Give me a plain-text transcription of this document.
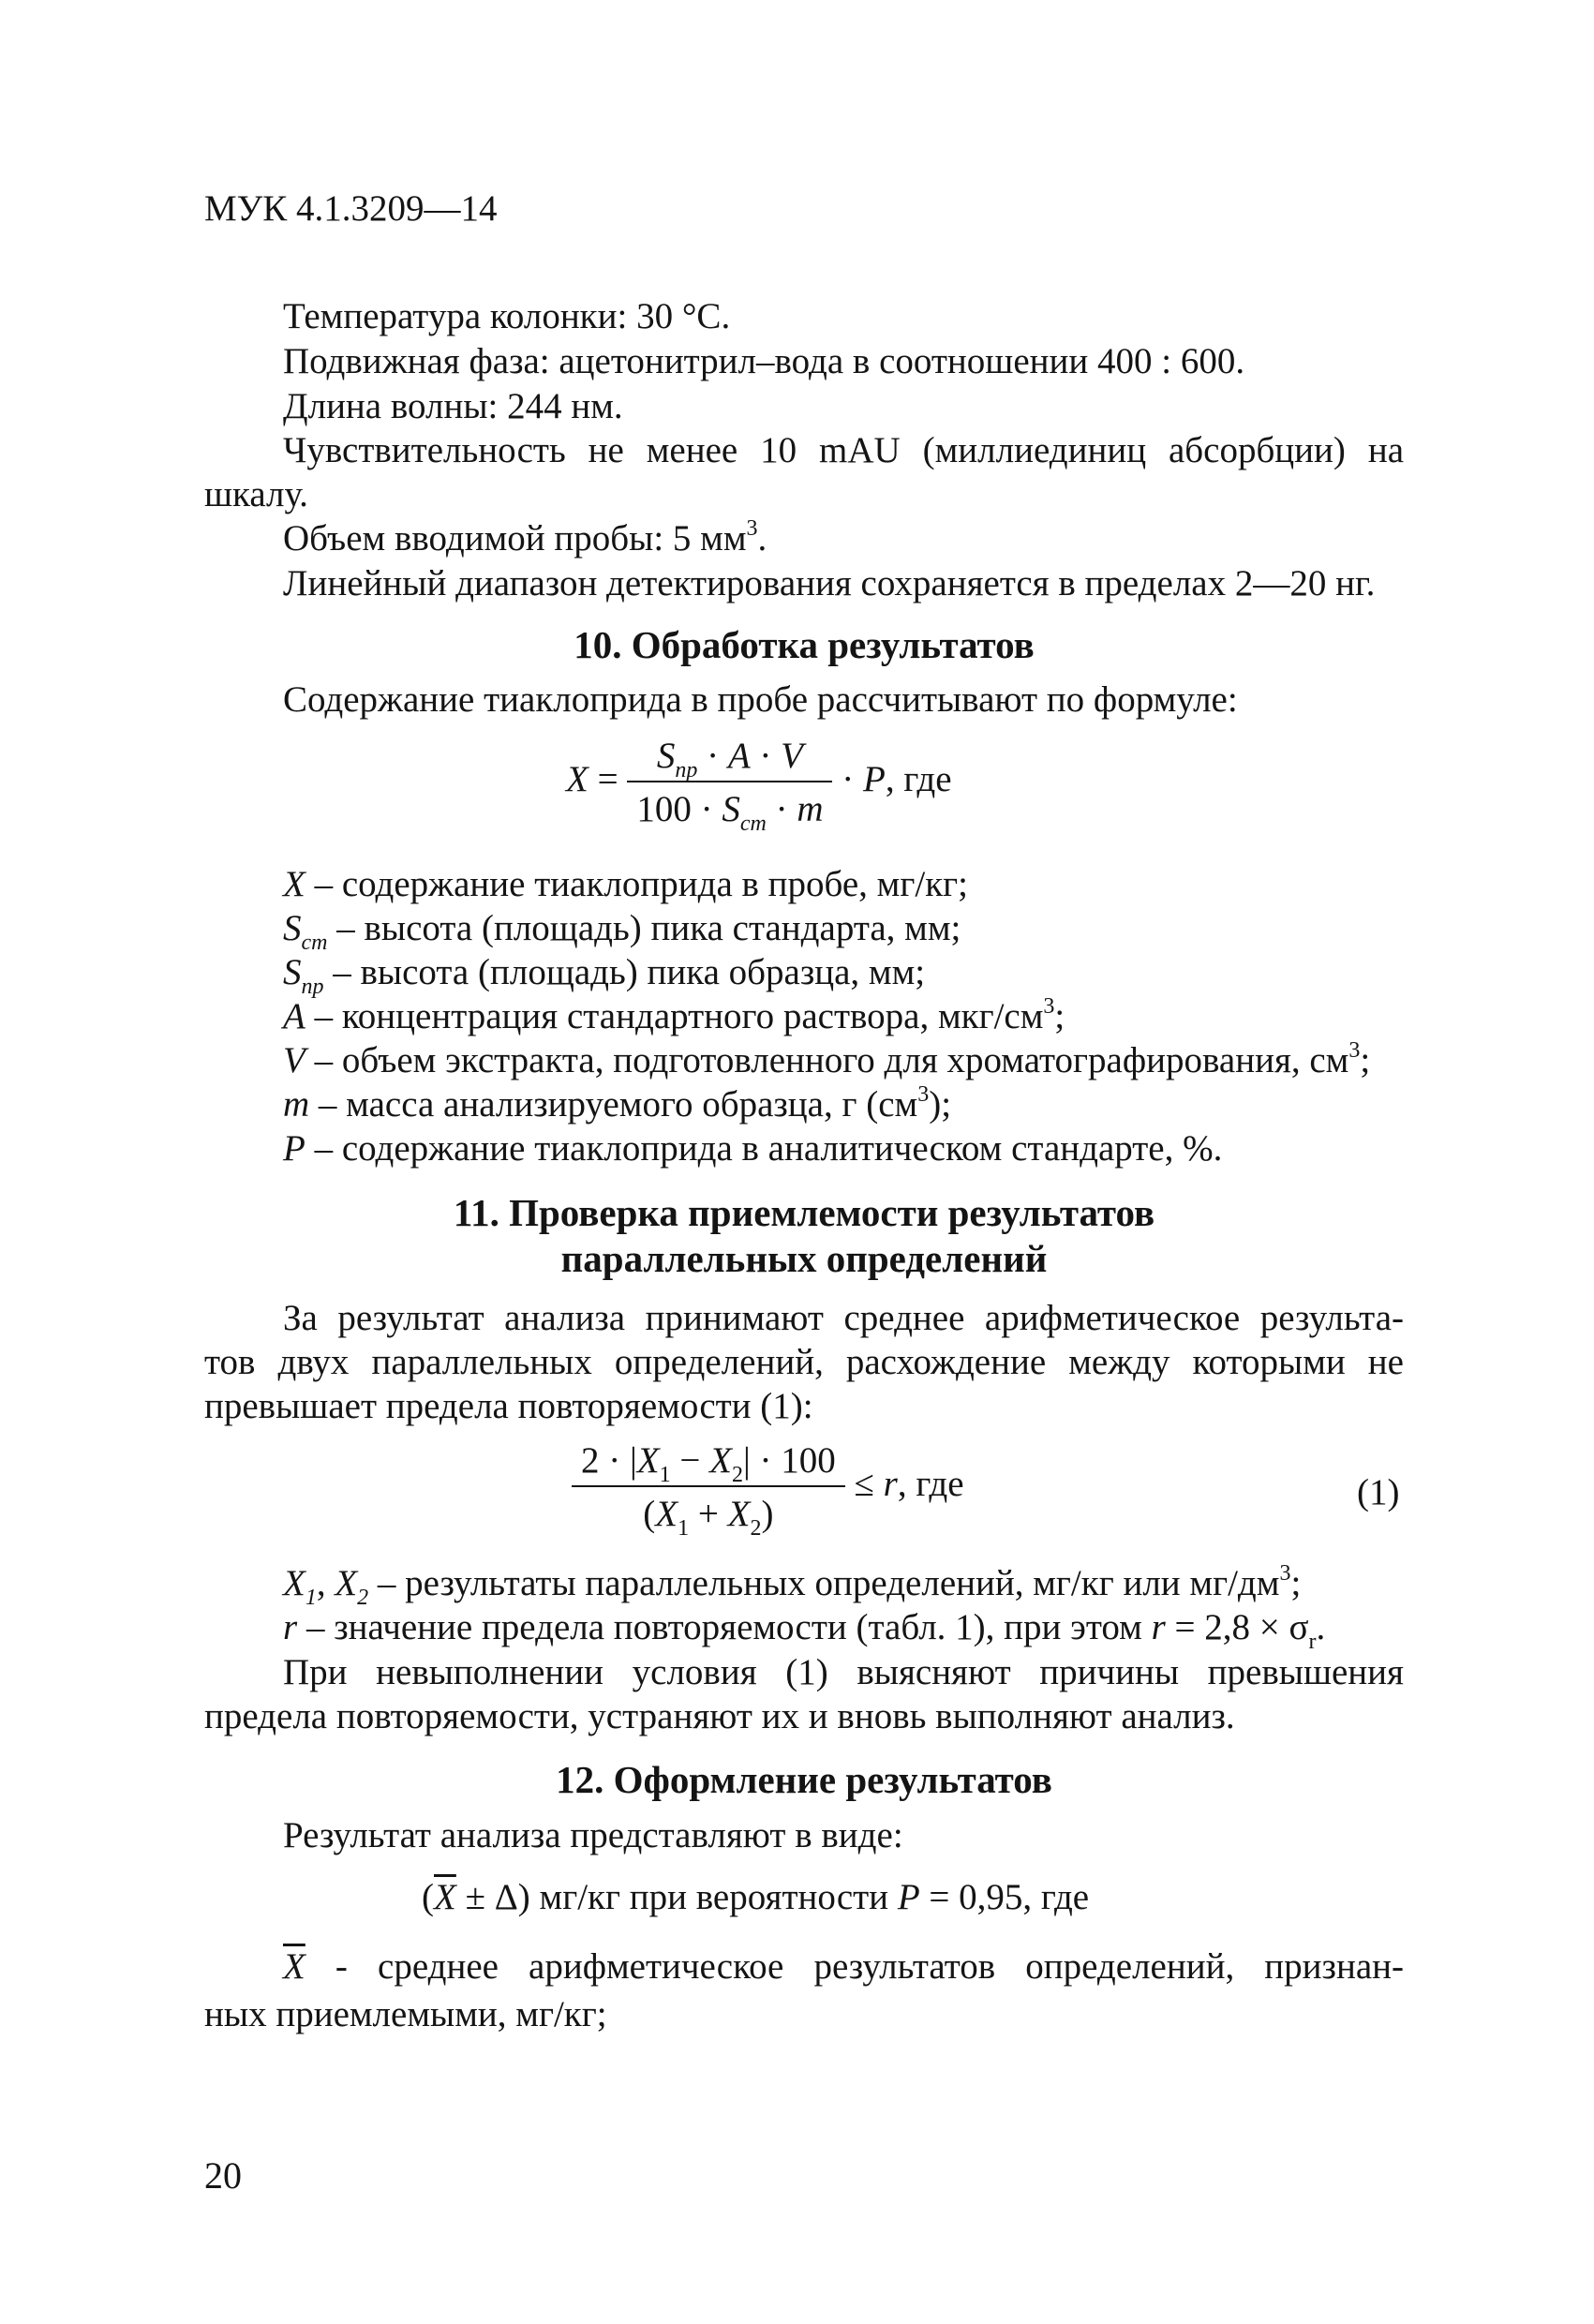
МУК 4.1.3209—14
Температура колонки: 30 °С.
Подвижная фаза: ацетонитрил–вода в соотношении 400 : 600.
Длина волны: 244 нм.
Чувствительность не менее 10 mAU (миллиединиц абсорбции) на
шкалу.
Объем вводимой пробы: 5 $мм^3$.
Линейный диапазон детектирования сохраняется в пределах 2—20 нг.
10. Обработка результатов
Содержание тиаклоприда в пробе рассчитывают по формуле:
$X = \frac{S_{np} \cdot A \cdot V}{100 \cdot S_{cm} \cdot m} \cdot P$, где
X – содержание тиаклоприда в пробе, мг/кг;
$S_{cm}$ – высота (площадь) пика стандарта, мм;
$S_{np}$ – высота (площадь) пика образца, мм;
A – концентрация стандартного раствора, мкг/$см^3$;
V – объем экстракта, подготовленного для хроматографирования, $см^3$;
m – масса анализируемого образца, г $(см^3)$;
P – содержание тиаклоприда в аналитическом стандарте, %.
11. Проверка приемлемости результатов
параллельных определений
За результат анализа принимают среднее арифметическое результа-
тов двух параллельных определений, расхождение между которыми не
превышает предела повторяемости (1):
$\frac{2 \cdot |X_1 - X_2| \cdot 100}{(X_1 + X_2)} \le r$, где	(1)
$X_1$, $X_2$ – результаты параллельных определений, мг/кг или $мг/дм^3$;
r – значение предела повторяемости (табл. 1), при этом $r = 2,8 \times \sigma_r$.
При невыполнении условия (1) выясняют причины превышения
предела повторяемости, устраняют их и вновь выполняют анализ.
12. Оформление результатов
Результат анализа представляют в виде:
$(\overline{X} \pm \Delta)$ мг/кг при вероятности P = 0,95, где
$\overline{X}$ - среднее арифметическое результатов определений, признан-
ных приемлемыми, мг/кг;
20
